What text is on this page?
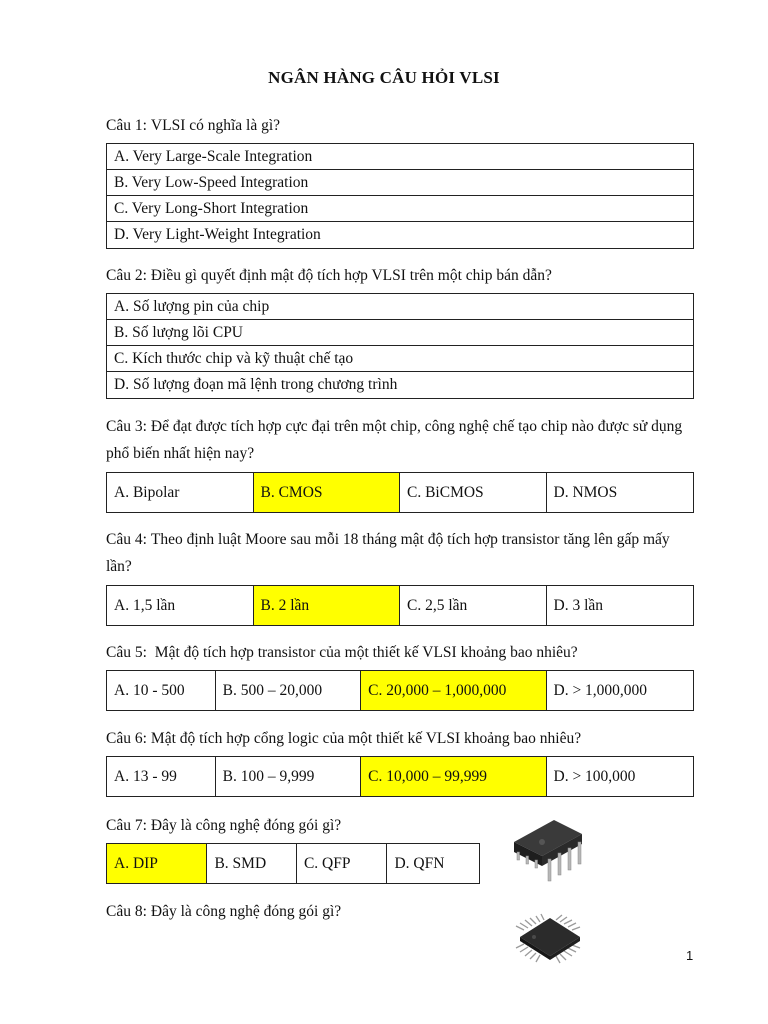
NGÂN HÀNG CÂU HỎI VLSI
Câu 1: VLSI có nghĩa là gì?
A. Very Large-Scale Integration
B. Very Low-Speed Integration
C. Very Long-Short Integration
D. Very Light-Weight Integration
Câu 2: Điều gì quyết định mật độ tích hợp VLSI trên một chip bán dẫn?
A. Số lượng pin của chip
B. Số lượng lõi CPU
C. Kích thước chip và kỹ thuật chế tạo
D. Số lượng đoạn mã lệnh trong chương trình
Câu 3: Để đạt được tích hợp cực đại trên một chip, công nghệ chế tạo chip nào được sử dụng phổ biến nhất hiện nay?
A. Bipolar	B. CMOS	C. BiCMOS	D. NMOS
Câu 4: Theo định luật Moore sau mỗi 18 tháng mật độ tích hợp transistor tăng lên gấp mấy lần?
A. 1,5 lần	B. 2 lần	C. 2,5 lần	D. 3 lần
Câu 5: Mật độ tích hợp transistor của một thiết kế VLSI khoảng bao nhiêu?
A. 10 - 500	B. 500 – 20,000	C. 20,000 – 1,000,000	D. > 1,000,000
Câu 6: Mật độ tích hợp cổng logic của một thiết kế VLSI khoảng bao nhiêu?
A. 13 - 99	B. 100 – 9,999	C. 10,000 – 99,999	D. > 100,000
Câu 7: Đây là công nghệ đóng gói gì?
A. DIP	B. SMD	C. QFP	D. QFN
Câu 8: Đây là công nghệ đóng gói gì?
1
